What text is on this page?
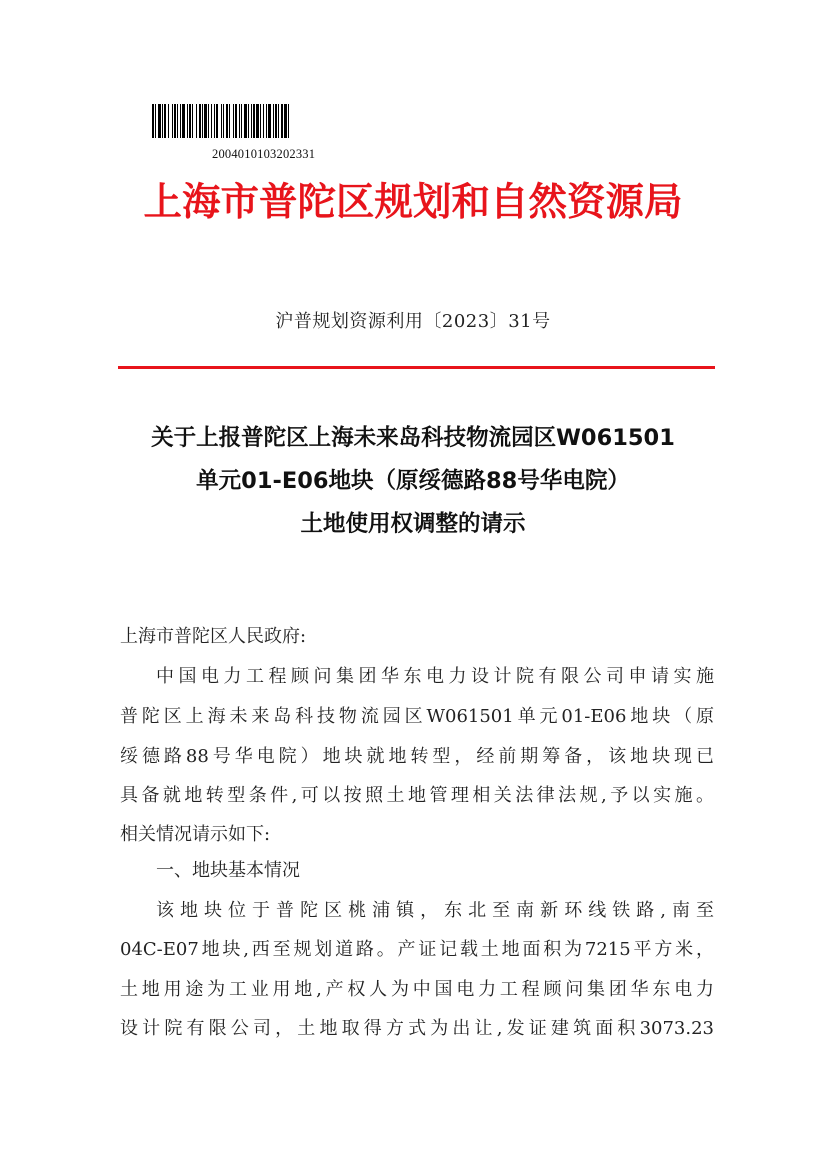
2004010103202331
上海市普陀区规划和自然资源局
沪普规划资源利用〔2023〕31号
关于上报普陀区上海未来岛科技物流园区W061501
单元01-E06地块（原绥德路88号华电院）
土地使用权调整的请示
上海市普陀区人民政府:
中国电力工程顾问集团华东电力设计院有限公司申请实施
普陀区上海未来岛科技物流园区W061501单元01-E06地块（原
绥德路88号华电院）地块就地转型，经前期筹备，该地块现已
具备就地转型条件,可以按照土地管理相关法律法规,予以实施。
相关情况请示如下:
一、地块基本情况
该地块位于普陀区桃浦镇，东北至南新环线铁路,南至
04C-E07地块,西至规划道路。产证记载土地面积为7215平方米，
土地用途为工业用地,产权人为中国电力工程顾问集团华东电力
设计院有限公司，土地取得方式为出让,发证建筑面积3073.23
